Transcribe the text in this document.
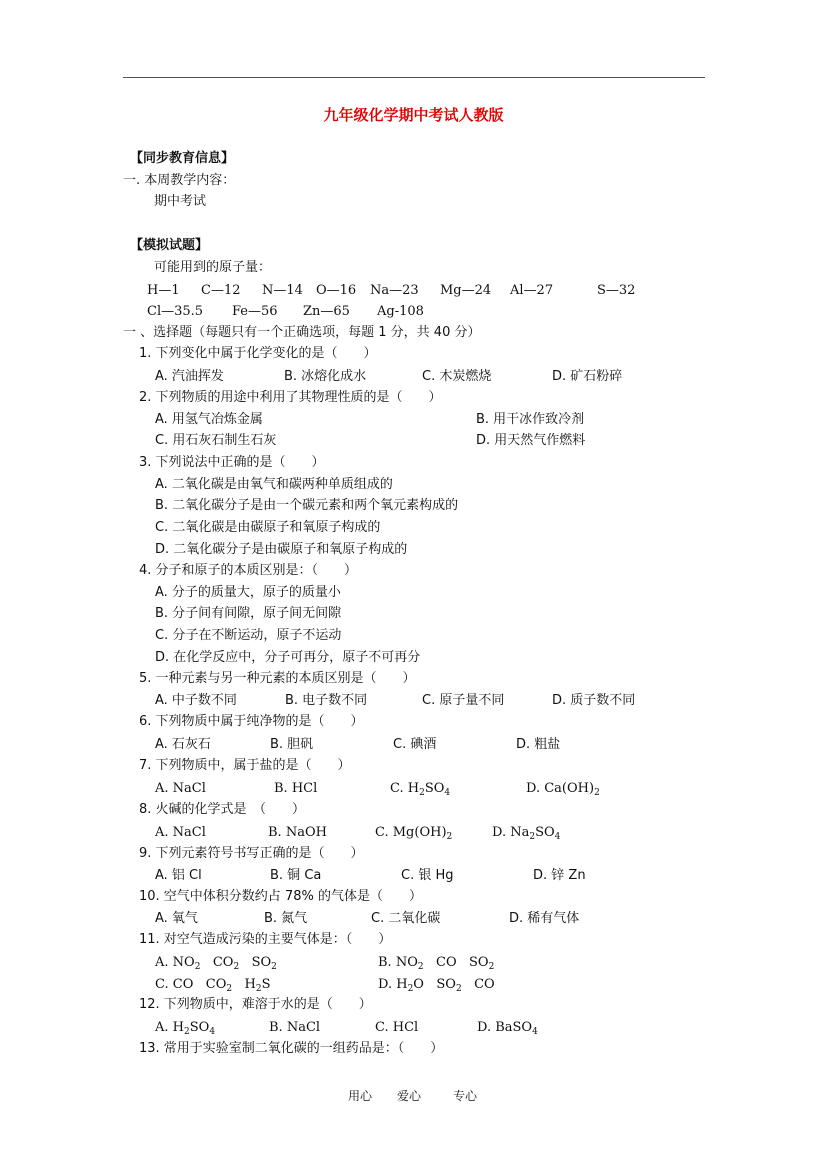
九年级化学期中考试人教版
【同步教育信息】
一. 本周教学内容：
期中考试
【模拟试题】
可能用到的原子量：
H—1 C—12 N—14 O—16 Na—23 Mg—24 Al—27	S—32
Cl—35.5 Fe—56 Zn—65 Ag-108
一 、选择题（每题只有一个正确选项，每题 1 分，共 40 分）
1. 下列变化中属于化学变化的是（　　）
A. 汽油挥发	B. 冰熔化成水	C. 木炭燃烧	D. 矿石粉碎
2. 下列物质的用途中利用了其物理性质的是（　　）
A. 用氢气冶炼金属	B. 用干冰作致冷剂
C. 用石灰石制生石灰	D. 用天然气作燃料
3. 下列说法中正确的是（　　）
A. 二氧化碳是由氧气和碳两种单质组成的
B. 二氧化碳分子是由一个碳元素和两个氧元素构成的
C. 二氧化碳是由碳原子和氧原子构成的
D. 二氧化碳分子是由碳原子和氧原子构成的
4. 分子和原子的本质区别是：（　　）
A. 分子的质量大，原子的质量小
B. 分子间有间隙，原子间无间隙
C. 分子在不断运动，原子不运动
D. 在化学反应中，分子可再分，原子不可再分
5. 一种元素与另一种元素的本质区别是（　　）
A. 中子数不同	B. 电子数不同	C. 原子量不同	D. 质子数不同
6. 下列物质中属于纯净物的是（　　）
A. 石灰石	B. 胆矾	C. 碘酒	D. 粗盐
7. 下列物质中，属于盐的是（　　）
A. NaCl	B. HCl	C. $H_2SO_4$	D. $Ca(OH)_2$
8. 火碱的化学式是　（　　）
A. NaCl	B. NaOH	C. $Mg(OH)_2$	D. $Na_2SO_4$
9. 下列元素符号书写正确的是（　　）
A. 铝 Cl	B. 铜 Ca	C. 银 Hg	D. 锌 Zn
10. 空气中体积分数约占 78% 的气体是（　　）
A. 氧气	B. 氮气	C. 二氧化碳	D. 稀有气体
11. 对空气造成污染的主要气体是：（　　）
A. $NO_2$ $CO_2$ $SO_2$	B. $NO_2$ CO $SO_2$
C. CO $CO_2$ $H_2S$	D. $H_2O$ $SO_2$ CO
12. 下列物质中，难溶于水的是（　　）
A. $H_2SO_4$	B. NaCl	C. HCl	D. BaSO$_4$
13. 常用于实验室制二氧化碳的一组药品是：（　　）
用心 爱心	专心
